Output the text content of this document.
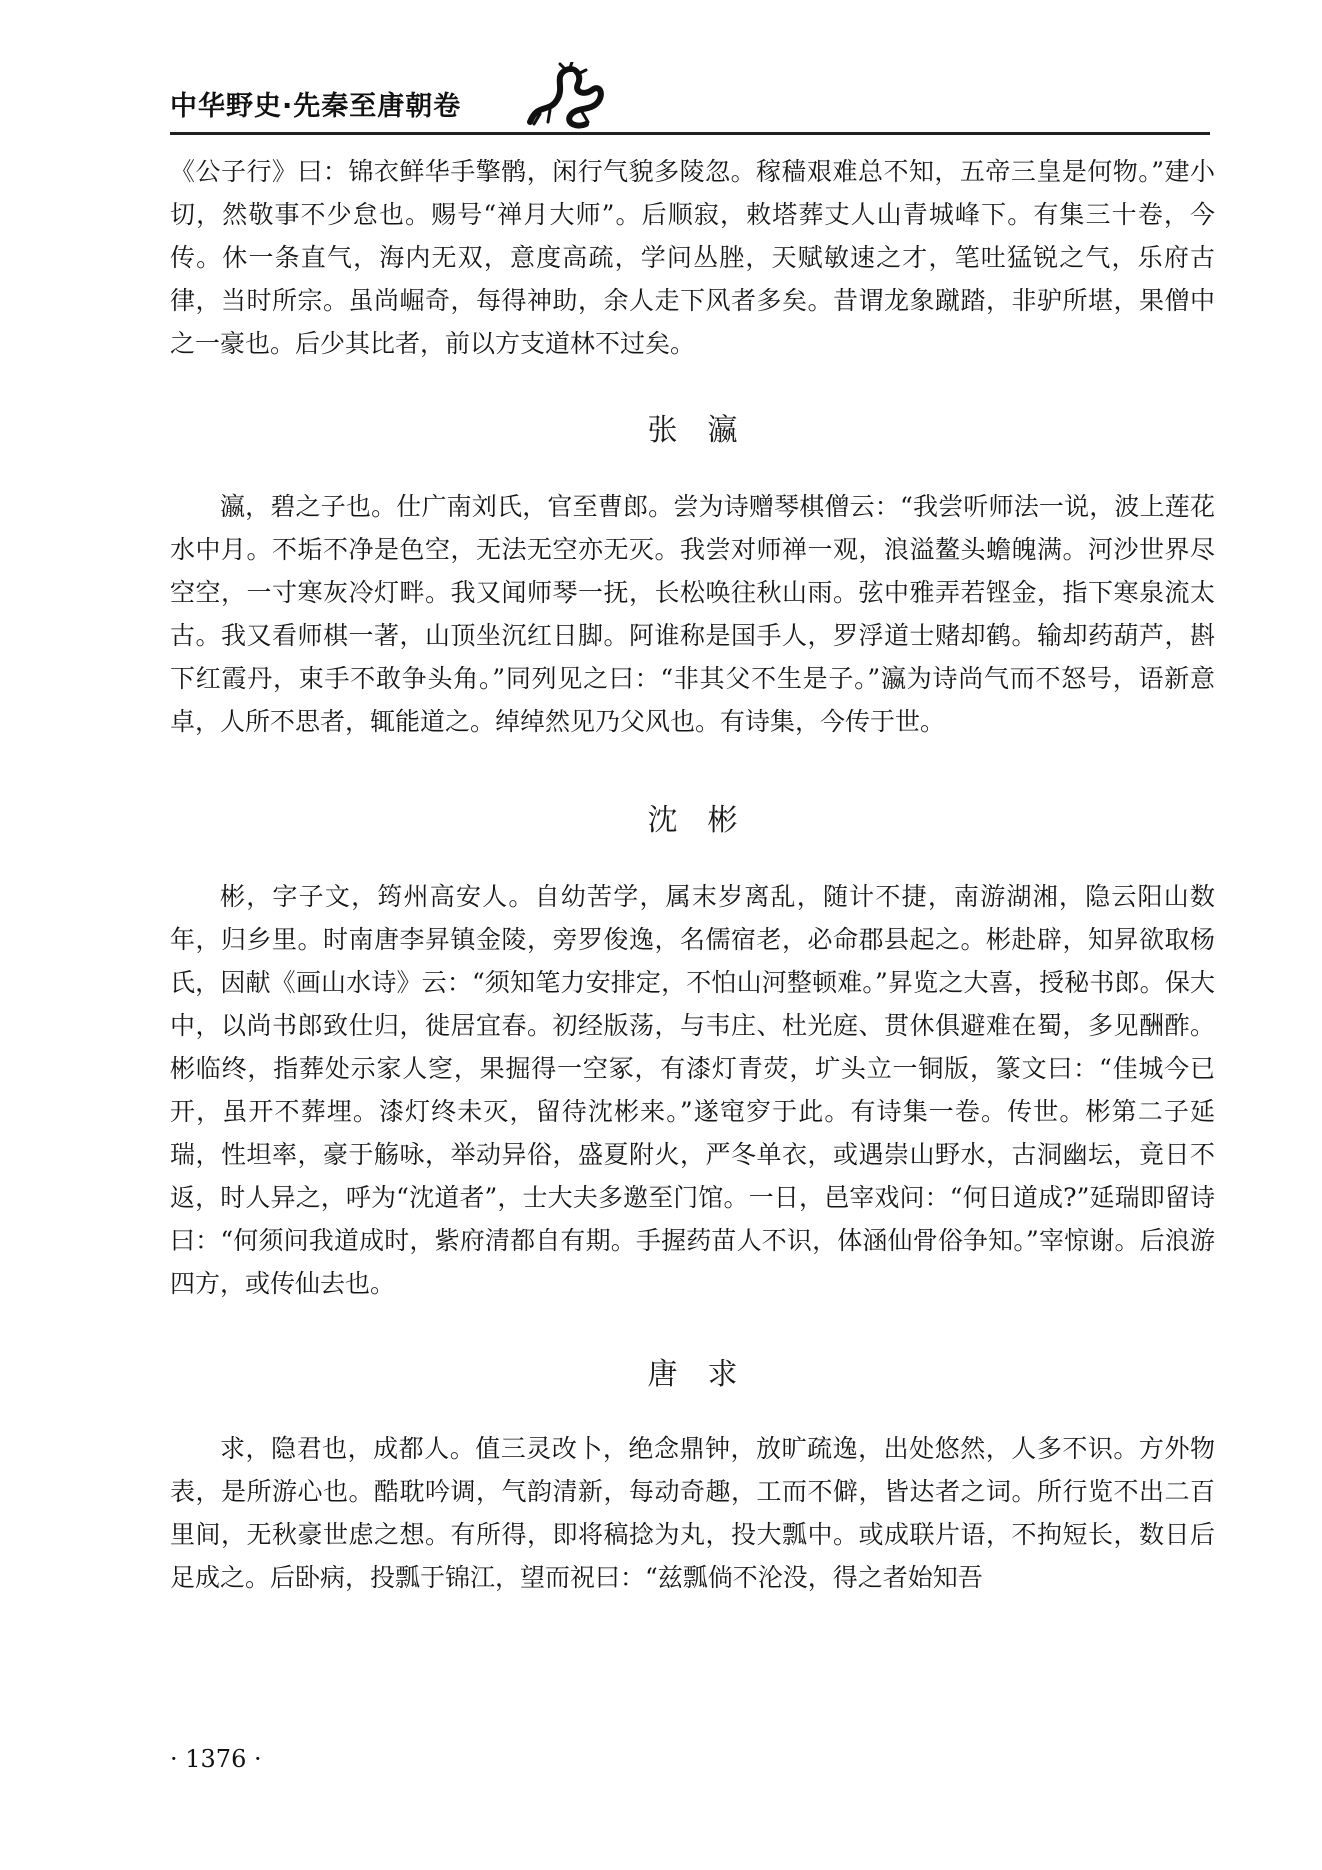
中华野史·先秦至唐朝卷

《公子行》曰：锦衣鲜华手擎鹘，闲行气貌多陵忽。稼穑艰难总不知，五帝三皇是何物。”建小切，然敬事不少怠也。赐号“禅月大师”。后顺寂，敕塔葬丈人山青城峰下。有集三十卷，今传。休一条直气，海内无双，意度高疏，学问丛脞，天赋敏速之才，笔吐猛锐之气，乐府古律，当时所宗。虽尚崛奇，每得神助，余人走下风者多矣。昔谓龙象蹴踏，非驴所堪，果僧中之一豪也。后少其比者，前以方支道林不过矣。

张瀛

瀛，碧之子也。仕广南刘氏，官至曹郎。尝为诗赠琴棋僧云：“我尝听师法一说，波上莲花水中月。不垢不净是色空，无法无空亦无灭。我尝对师禅一观，浪溢鳌头蟾魄满。河沙世界尽空空，一寸寒灰冷灯畔。我又闻师琴一抚，长松唤往秋山雨。弦中雅弄若铿金，指下寒泉流太古。我又看师棋一著，山顶坐沉红日脚。阿谁称是国手人，罗浮道士赌却鹤。输却药葫芦，斟下红霞丹，束手不敢争头角。”同列见之曰：“非其父不生是子。”瀛为诗尚气而不怒号，语新意卓，人所不思者，辄能道之。绰绰然见乃父风也。有诗集，今传于世。

沈彬

彬，字子文，筠州高安人。自幼苦学，属末岁离乱，随计不捷，南游湖湘，隐云阳山数年，归乡里。时南唐李昇镇金陵，旁罗俊逸，名儒宿老，必命郡县起之。彬赴辟，知昇欲取杨氏，因献《画山水诗》云：“须知笔力安排定，不怕山河整顿难。”昇览之大喜，授秘书郎。保大中，以尚书郎致仕归，徙居宜春。初经版荡，与韦庄、杜光庭、贯休俱避难在蜀，多见酬酢。彬临终，指葬处示家人窆，果掘得一空冢，有漆灯青荧，圹头立一铜版，篆文曰：“佳城今已开，虽开不葬埋。漆灯终未灭，留待沈彬来。”遂窀穸于此。有诗集一卷。传世。彬第二子延瑞，性坦率，豪于觞咏，举动异俗，盛夏附火，严冬单衣，或遇崇山野水，古洞幽坛，竟日不返，时人异之，呼为“沈道者”，士大夫多邀至门馆。一日，邑宰戏问：“何日道成?”延瑞即留诗曰：“何须问我道成时，紫府清都自有期。手握药苗人不识，体涵仙骨俗争知。”宰惊谢。后浪游四方，或传仙去也。

唐求

求，隐君也，成都人。值三灵改卜，绝念鼎钟，放旷疏逸，出处悠然，人多不识。方外物表，是所游心也。酷耽吟调，气韵清新，每动奇趣，工而不僻，皆达者之词。所行览不出二百里间，无秋豪世虑之想。有所得，即将稿捻为丸，投大瓢中。或成联片语，不拘短长，数日后足成之。后卧病，投瓢于锦江，望而祝曰：“兹瓢倘不沦没，得之者始知吾

· 1376 ·
